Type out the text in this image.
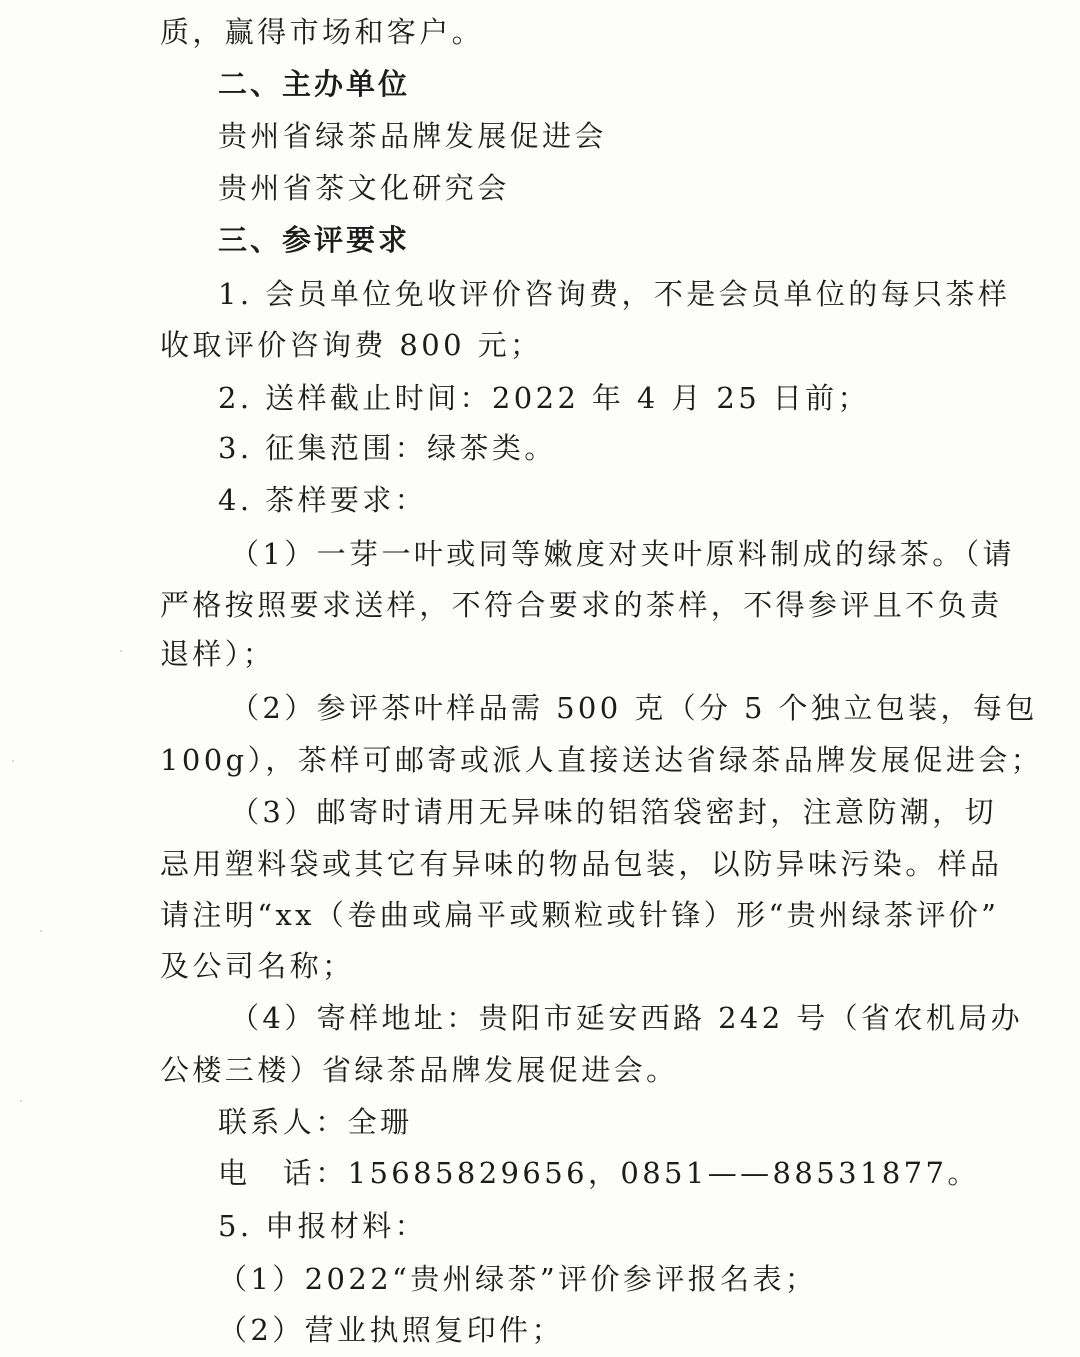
质，赢得市场和客户。
二、主办单位
贵州省绿茶品牌发展促进会
贵州省茶文化研究会
三、参评要求
1. 会员单位免收评价咨询费，不是会员单位的每只茶样
收取评价咨询费 800 元；
2. 送样截止时间：2022 年 4 月 25 日前；
3. 征集范围：绿茶类。
4. 茶样要求：
（1）一芽一叶或同等嫩度对夹叶原料制成的绿茶。（请
严格按照要求送样，不符合要求的茶样，不得参评且不负责
退样）；
（2）参评茶叶样品需 500 克（分 5 个独立包装，每包
100g），茶样可邮寄或派人直接送达省绿茶品牌发展促进会；
（3）邮寄时请用无异味的铝箔袋密封，注意防潮，切
忌用塑料袋或其它有异味的物品包装，以防异味污染。样品
请注明“xx（卷曲或扁平或颗粒或针锋）形“贵州绿茶评价”
及公司名称；
（4）寄样地址：贵阳市延安西路 242 号（省农机局办
公楼三楼）省绿茶品牌发展促进会。
联系人：全珊
电　话：15685829656，0851——88531877。
5. 申报材料：
（1）2022“贵州绿茶”评价参评报名表；
（2）营业执照复印件；
